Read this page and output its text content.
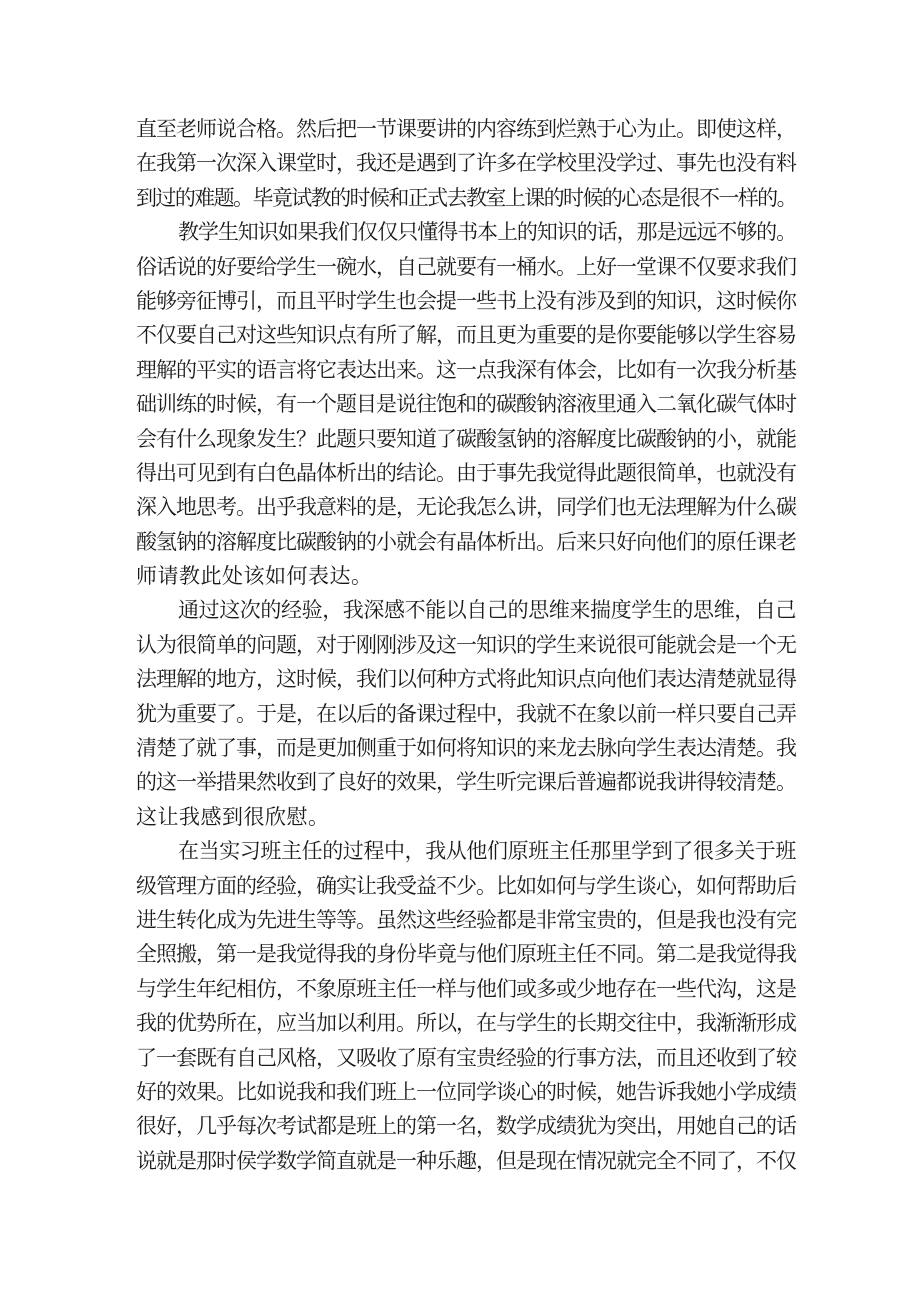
直至老师说合格。然后把一节课要讲的内容练到烂熟于心为止。即使这样，
在我第一次深入课堂时，我还是遇到了许多在学校里没学过、事先也没有料
到过的难题。毕竟试教的时候和正式去教室上课的时候的心态是很不一样的。
教学生知识如果我们仅仅只懂得书本上的知识的话，那是远远不够的。
俗话说的好要给学生一碗水，自己就要有一桶水。上好一堂课不仅要求我们
能够旁征博引，而且平时学生也会提一些书上没有涉及到的知识，这时候你
不仅要自己对这些知识点有所了解，而且更为重要的是你要能够以学生容易
理解的平实的语言将它表达出来。这一点我深有体会，比如有一次我分析基
础训练的时候，有一个题目是说往饱和的碳酸钠溶液里通入二氧化碳气体时
会有什么现象发生？此题只要知道了碳酸氢钠的溶解度比碳酸钠的小，就能
得出可见到有白色晶体析出的结论。由于事先我觉得此题很简单，也就没有
深入地思考。出乎我意料的是，无论我怎么讲，同学们也无法理解为什么碳
酸氢钠的溶解度比碳酸钠的小就会有晶体析出。后来只好向他们的原任课老
师请教此处该如何表达。
通过这次的经验，我深感不能以自己的思维来揣度学生的思维，自己
认为很简单的问题，对于刚刚涉及这一知识的学生来说很可能就会是一个无
法理解的地方，这时候，我们以何种方式将此知识点向他们表达清楚就显得
犹为重要了。于是，在以后的备课过程中，我就不在象以前一样只要自己弄
清楚了就了事，而是更加侧重于如何将知识的来龙去脉向学生表达清楚。我
的这一举措果然收到了良好的效果，学生听完课后普遍都说我讲得较清楚。
这让我感到很欣慰。
在当实习班主任的过程中，我从他们原班主任那里学到了很多关于班
级管理方面的经验，确实让我受益不少。比如如何与学生谈心，如何帮助后
进生转化成为先进生等等。虽然这些经验都是非常宝贵的，但是我也没有完
全照搬，第一是我觉得我的身份毕竟与他们原班主任不同。第二是我觉得我
与学生年纪相仿，不象原班主任一样与他们或多或少地存在一些代沟，这是
我的优势所在，应当加以利用。所以，在与学生的长期交往中，我渐渐形成
了一套既有自己风格，又吸收了原有宝贵经验的行事方法，而且还收到了较
好的效果。比如说我和我们班上一位同学谈心的时候，她告诉我她小学成绩
很好，几乎每次考试都是班上的第一名，数学成绩犹为突出，用她自己的话
说就是那时侯学数学简直就是一种乐趣，但是现在情况就完全不同了，不仅
